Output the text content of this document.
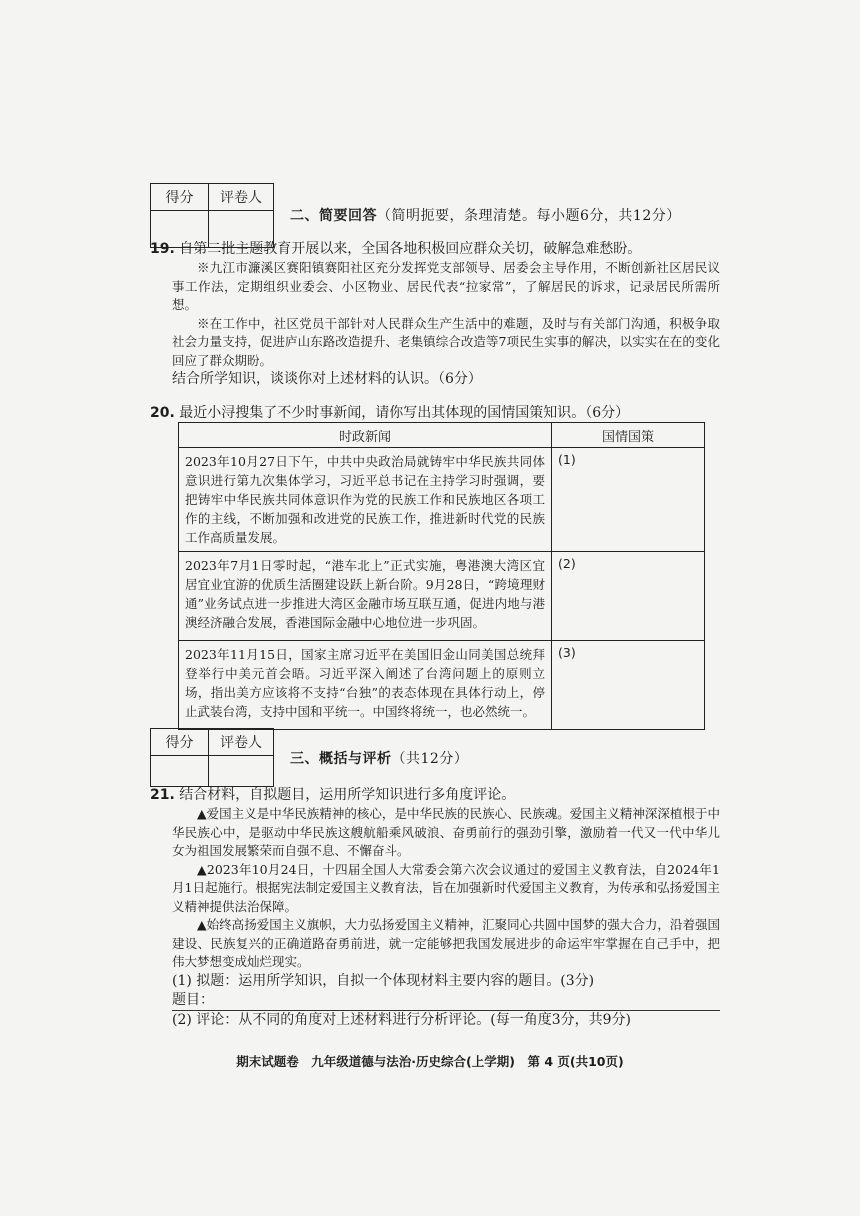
得分	评卷人

二、简要回答（简明扼要，条理清楚。每小题6分，共12分）
19. 自第二批主题教育开展以来，全国各地积极回应群众关切，破解急难愁盼。
※九江市濂溪区赛阳镇赛阳社区充分发挥党支部领导、居委会主导作用，不断创新社区居民议事工作法，定期组织业委会、小区物业、居民代表“拉家常”，了解居民的诉求，记录居民所需所想。
※在工作中，社区党员干部针对人民群众生产生活中的难题，及时与有关部门沟通，积极争取社会力量支持，促进庐山东路改造提升、老集镇综合改造等7项民生实事的解决，以实实在在的变化回应了群众期盼。
结合所学知识，谈谈你对上述材料的认识。（6分）
20. 最近小浔搜集了不少时事新闻，请你写出其体现的国情国策知识。（6分）
时政新闻	国情国策
2023年10月27日下午，中共中央政治局就铸牢中华民族共同体意识进行第九次集体学习，习近平总书记在主持学习时强调，要把铸牢中华民族共同体意识作为党的民族工作和民族地区各项工作的主线，不断加强和改进党的民族工作，推进新时代党的民族工作高质量发展。	(1)
2023年7月1日零时起，“港车北上”正式实施，粤港澳大湾区宜居宜业宜游的优质生活圈建设跃上新台阶。9月28日，“跨境理财通”业务试点进一步推进大湾区金融市场互联互通，促进内地与港澳经济融合发展，香港国际金融中心地位进一步巩固。	(2)
2023年11月15日，国家主席习近平在美国旧金山同美国总统拜登举行中美元首会晤。习近平深入阐述了台湾问题上的原则立场，指出美方应该将不支持“台独”的表态体现在具体行动上，停止武装台湾，支持中国和平统一。中国终将统一，也必然统一。	(3)
得分	评卷人

三、概括与评析（共12分）
21. 结合材料，自拟题目，运用所学知识进行多角度评论。
▲爱国主义是中华民族精神的核心，是中华民族的民族心、民族魂。爱国主义精神深深植根于中华民族心中，是驱动中华民族这艘航船乘风破浪、奋勇前行的强劲引擎，激励着一代又一代中华儿女为祖国发展繁荣而自强不息、不懈奋斗。
▲2023年10月24日，十四届全国人大常委会第六次会议通过的爱国主义教育法，自2024年1月1日起施行。根据宪法制定爱国主义教育法，旨在加强新时代爱国主义教育，为传承和弘扬爱国主义精神提供法治保障。
▲始终高扬爱国主义旗帜，大力弘扬爱国主义精神，汇聚同心共圆中国梦的强大合力，沿着强国建设、民族复兴的正确道路奋勇前进，就一定能够把我国发展进步的命运牢牢掌握在自己手中，把伟大梦想变成灿烂现实。
(1) 拟题：运用所学知识，自拟一个体现材料主要内容的题目。(3分)
题目：
(2) 评论：从不同的角度对上述材料进行分析评论。(每一角度3分，共9分)
期末试题卷　九年级道德与法治·历史综合(上学期)　第 4 页(共10页)
